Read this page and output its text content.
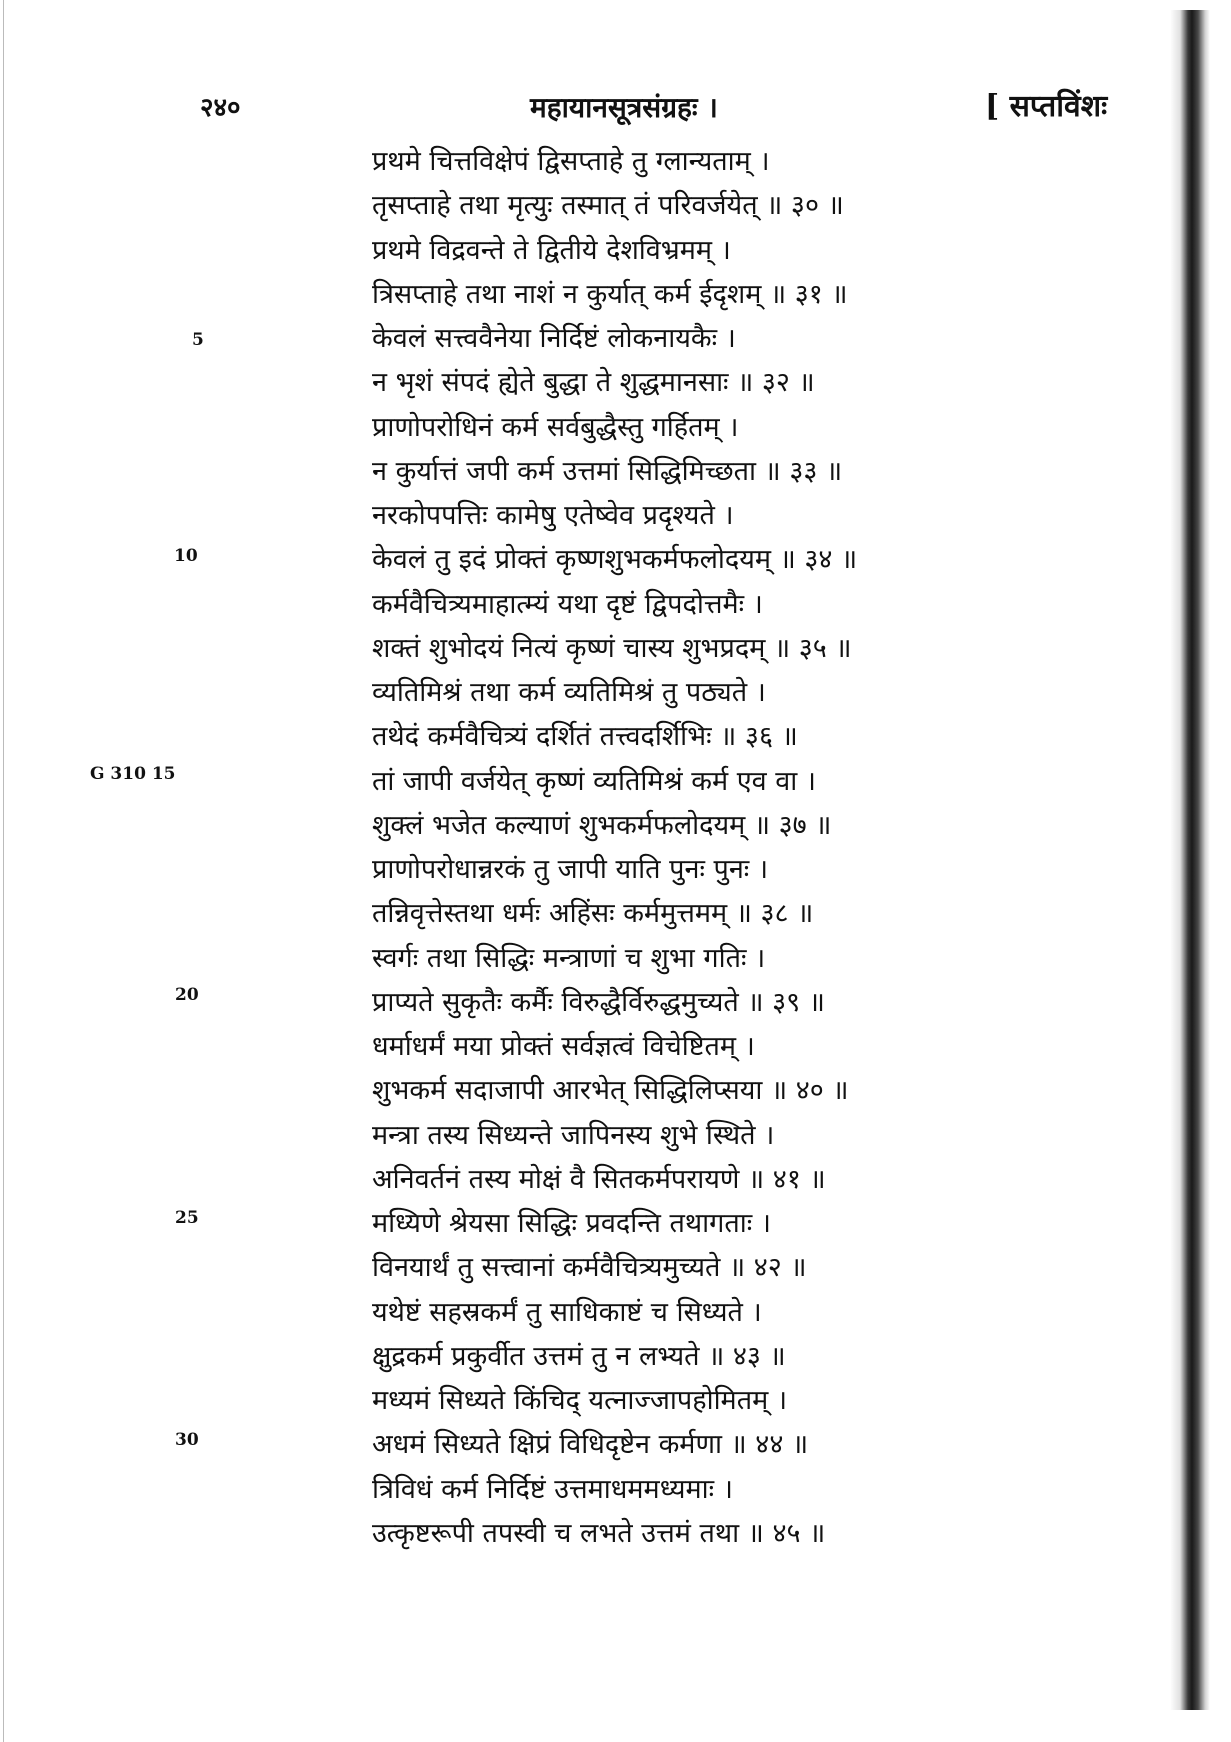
२४०	महायानसूत्रसंग्रहः ।	[ सप्तविंशः
5
10
G 310 15
20
25
30
प्रथमे चित्तविक्षेपं द्विसप्ताहे तु ग्लान्यताम् ।
तृसप्ताहे तथा मृत्युः तस्मात् तं परिवर्जयेत् ॥ ३० ॥
प्रथमे विद्रवन्ते ते द्वितीये देशविभ्रमम् ।
त्रिसप्ताहे तथा नाशं न कुर्यात् कर्म ईदृशम् ॥ ३१ ॥
केवलं सत्त्ववैनेया निर्दिष्टं लोकनायकैः ।
न भृशं संपदं ह्येते बुद्धा ते शुद्धमानसाः ॥ ३२ ॥
प्राणोपरोधिनं कर्म सर्वबुद्धैस्तु गर्हितम् ।
न कुर्यात्तं जपी कर्म उत्तमां सिद्धिमिच्छता ॥ ३३ ॥
नरकोपपत्तिः कामेषु एतेष्वेव प्रदृश्यते ।
केवलं तु इदं प्रोक्तं कृष्णशुभकर्मफलोदयम् ॥ ३४ ॥
कर्मवैचित्र्यमाहात्म्यं यथा दृष्टं द्विपदोत्तमैः ।
शक्तं शुभोदयं नित्यं कृष्णं चास्य शुभप्रदम् ॥ ३५ ॥
व्यतिमिश्रं तथा कर्म व्यतिमिश्रं तु पठ्यते ।
तथेदं कर्मवैचित्र्यं दर्शितं तत्त्वदर्शिभिः ॥ ३६ ॥
तां जापी वर्जयेत् कृष्णं व्यतिमिश्रं कर्म एव वा ।
शुक्लं भजेत कल्याणं शुभकर्मफलोदयम् ॥ ३७ ॥
प्राणोपरोधान्नरकं तु जापी याति पुनः पुनः ।
तन्निवृत्तेस्तथा धर्मः अहिंसः कर्ममुत्तमम् ॥ ३८ ॥
स्वर्गः तथा सिद्धिः मन्त्राणां च शुभा गतिः ।
प्राप्यते सुकृतैः कर्मैः विरुद्धैर्विरुद्धमुच्यते ॥ ३९ ॥
धर्माधर्मं मया प्रोक्तं सर्वज्ञत्वं विचेष्टितम् ।
शुभकर्म सदाजापी आरभेत् सिद्धिलिप्सया ॥ ४० ॥
मन्त्रा तस्य सिध्यन्ते जापिनस्य शुभे स्थिते ।
अनिवर्तनं तस्य मोक्षं वै सितकर्मपरायणे ॥ ४१ ॥
मध्यिणे श्रेयसा सिद्धिः प्रवदन्ति तथागताः ।
विनयार्थं तु सत्त्वानां कर्मवैचित्र्यमुच्यते ॥ ४२ ॥
यथेष्टं सहस्रकर्मं तु साधिकाष्टं च सिध्यते ।
क्षुद्रकर्म प्रकुर्वीत उत्तमं तु न लभ्यते ॥ ४३ ॥
मध्यमं सिध्यते किंचिद् यत्नाज्जापहोमितम् ।
अधमं सिध्यते क्षिप्रं विधिदृष्टेन कर्मणा ॥ ४४ ॥
त्रिविधं कर्म निर्दिष्टं उत्तमाधममध्यमाः ।
उत्कृष्टरूपी तपस्वी च लभते उत्तमं तथा ॥ ४५ ॥
